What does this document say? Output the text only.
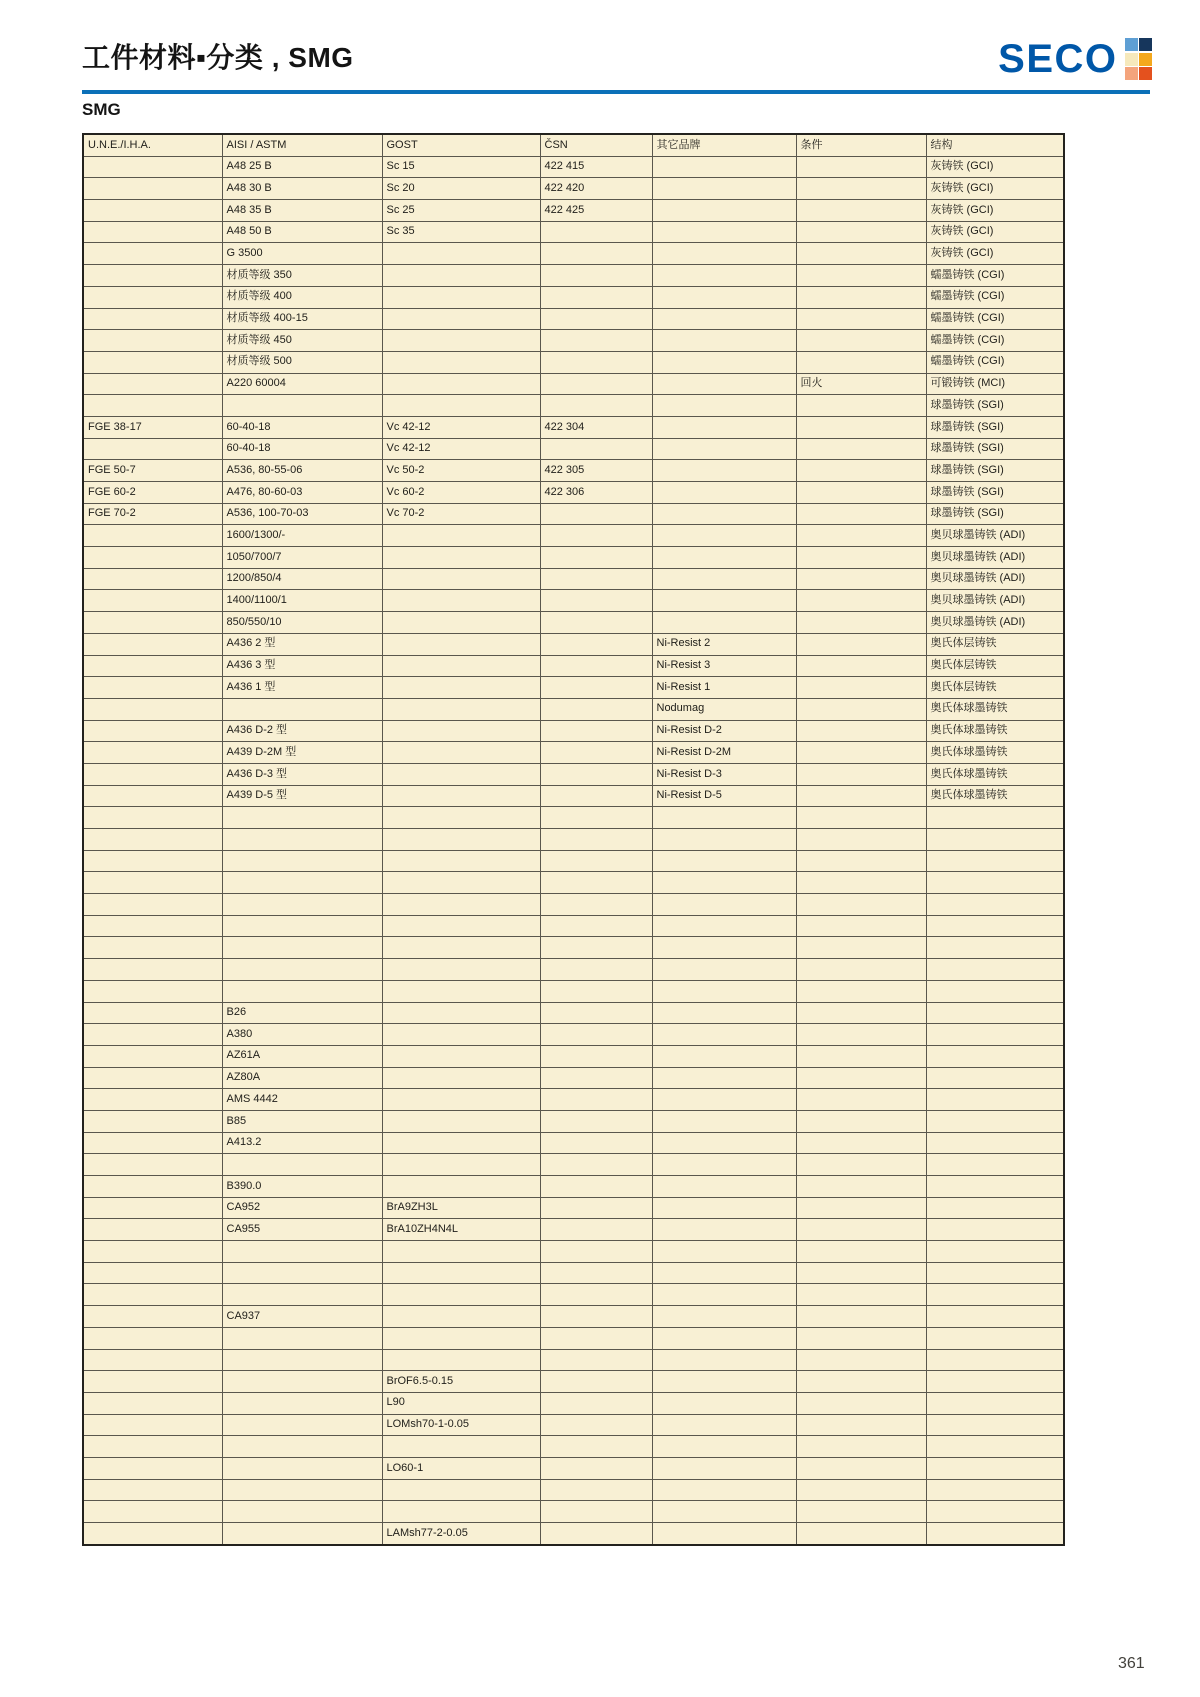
工件材料▪分类 , SMG	SECO
SMG
U.N.E./I.H.A.	AISI / ASTM	GOST	ČSN	其它品牌	条件	结构
	A48 25 B	Sc 15	422 415			灰铸铁 (GCI)
	A48 30 B	Sc 20	422 420			灰铸铁 (GCI)
	A48 35 B	Sc 25	422 425			灰铸铁 (GCI)
	A48 50 B	Sc 35				灰铸铁 (GCI)
	G 3500					灰铸铁 (GCI)
	材质等级 350					蠕墨铸铁 (CGI)
	材质等级 400					蠕墨铸铁 (CGI)
	材质等级 400-15					蠕墨铸铁 (CGI)
	材质等级 450					蠕墨铸铁 (CGI)
	材质等级 500					蠕墨铸铁 (CGI)
	A220 60004				回火	可锻铸铁 (MCI)
						球墨铸铁 (SGI)
FGE 38-17	60-40-18	Vc 42-12	422 304			球墨铸铁 (SGI)
	60-40-18	Vc 42-12				球墨铸铁 (SGI)
FGE 50-7	A536, 80-55-06	Vc 50-2	422 305			球墨铸铁 (SGI)
FGE 60-2	A476, 80-60-03	Vc 60-2	422 306			球墨铸铁 (SGI)
FGE 70-2	A536, 100-70-03	Vc 70-2				球墨铸铁 (SGI)
	1600/1300/-					奥贝球墨铸铁 (ADI)
	1050/700/7					奥贝球墨铸铁 (ADI)
	1200/850/4					奥贝球墨铸铁 (ADI)
	1400/1100/1					奥贝球墨铸铁 (ADI)
	850/550/10					奥贝球墨铸铁 (ADI)
	A436 2 型			Ni-Resist 2		奥氏体层铸铁
	A436 3 型			Ni-Resist 3		奥氏体层铸铁
	A436 1 型			Ni-Resist 1		奥氏体层铸铁
				Nodumag		奥氏体球墨铸铁
	A436 D-2 型			Ni-Resist D-2		奥氏体球墨铸铁
	A439 D-2M 型			Ni-Resist D-2M		奥氏体球墨铸铁
	A436 D-3 型			Ni-Resist D-3		奥氏体球墨铸铁
	A439 D-5 型			Ni-Resist D-5		奥氏体球墨铸铁

	B26					
	A380					
	AZ61A					
	AZ80A					
	AMS 4442					
	B85					
	A413.2					

	B390.0					
	CA952	BrA9ZH3L				
	CA955	BrA10ZH4N4L				

	CA937					

		BrOF6.5-0.15				
		L90				
		LOMsh70-1-0.05				

		LO60-1				

		LAMsh77-2-0.05				
361
